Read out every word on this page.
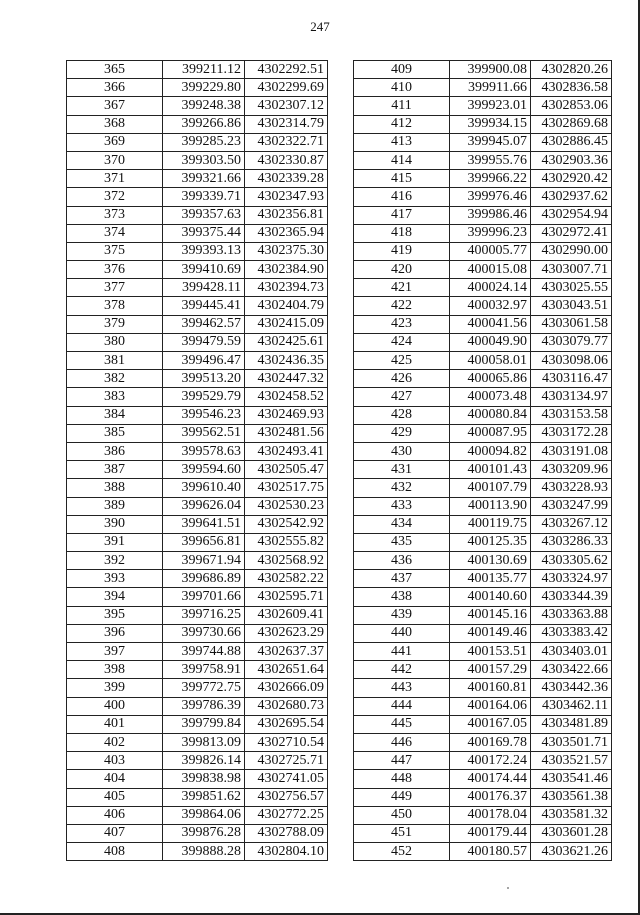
247
365	399211.12	4302292.51
366	399229.80	4302299.69
367	399248.38	4302307.12
368	399266.86	4302314.79
369	399285.23	4302322.71
370	399303.50	4302330.87
371	399321.66	4302339.28
372	399339.71	4302347.93
373	399357.63	4302356.81
374	399375.44	4302365.94
375	399393.13	4302375.30
376	399410.69	4302384.90
377	399428.11	4302394.73
378	399445.41	4302404.79
379	399462.57	4302415.09
380	399479.59	4302425.61
381	399496.47	4302436.35
382	399513.20	4302447.32
383	399529.79	4302458.52
384	399546.23	4302469.93
385	399562.51	4302481.56
386	399578.63	4302493.41
387	399594.60	4302505.47
388	399610.40	4302517.75
389	399626.04	4302530.23
390	399641.51	4302542.92
391	399656.81	4302555.82
392	399671.94	4302568.92
393	399686.89	4302582.22
394	399701.66	4302595.71
395	399716.25	4302609.41
396	399730.66	4302623.29
397	399744.88	4302637.37
398	399758.91	4302651.64
399	399772.75	4302666.09
400	399786.39	4302680.73
401	399799.84	4302695.54
402	399813.09	4302710.54
403	399826.14	4302725.71
404	399838.98	4302741.05
405	399851.62	4302756.57
406	399864.06	4302772.25
407	399876.28	4302788.09
408	399888.28	4302804.10
409	399900.08	4302820.26
410	399911.66	4302836.58
411	399923.01	4302853.06
412	399934.15	4302869.68
413	399945.07	4302886.45
414	399955.76	4302903.36
415	399966.22	4302920.42
416	399976.46	4302937.62
417	399986.46	4302954.94
418	399996.23	4302972.41
419	400005.77	4302990.00
420	400015.08	4303007.71
421	400024.14	4303025.55
422	400032.97	4303043.51
423	400041.56	4303061.58
424	400049.90	4303079.77
425	400058.01	4303098.06
426	400065.86	4303116.47
427	400073.48	4303134.97
428	400080.84	4303153.58
429	400087.95	4303172.28
430	400094.82	4303191.08
431	400101.43	4303209.96
432	400107.79	4303228.93
433	400113.90	4303247.99
434	400119.75	4303267.12
435	400125.35	4303286.33
436	400130.69	4303305.62
437	400135.77	4303324.97
438	400140.60	4303344.39
439	400145.16	4303363.88
440	400149.46	4303383.42
441	400153.51	4303403.01
442	400157.29	4303422.66
443	400160.81	4303442.36
444	400164.06	4303462.11
445	400167.05	4303481.89
446	400169.78	4303501.71
447	400172.24	4303521.57
448	400174.44	4303541.46
449	400176.37	4303561.38
450	400178.04	4303581.32
451	400179.44	4303601.28
452	400180.57	4303621.26
